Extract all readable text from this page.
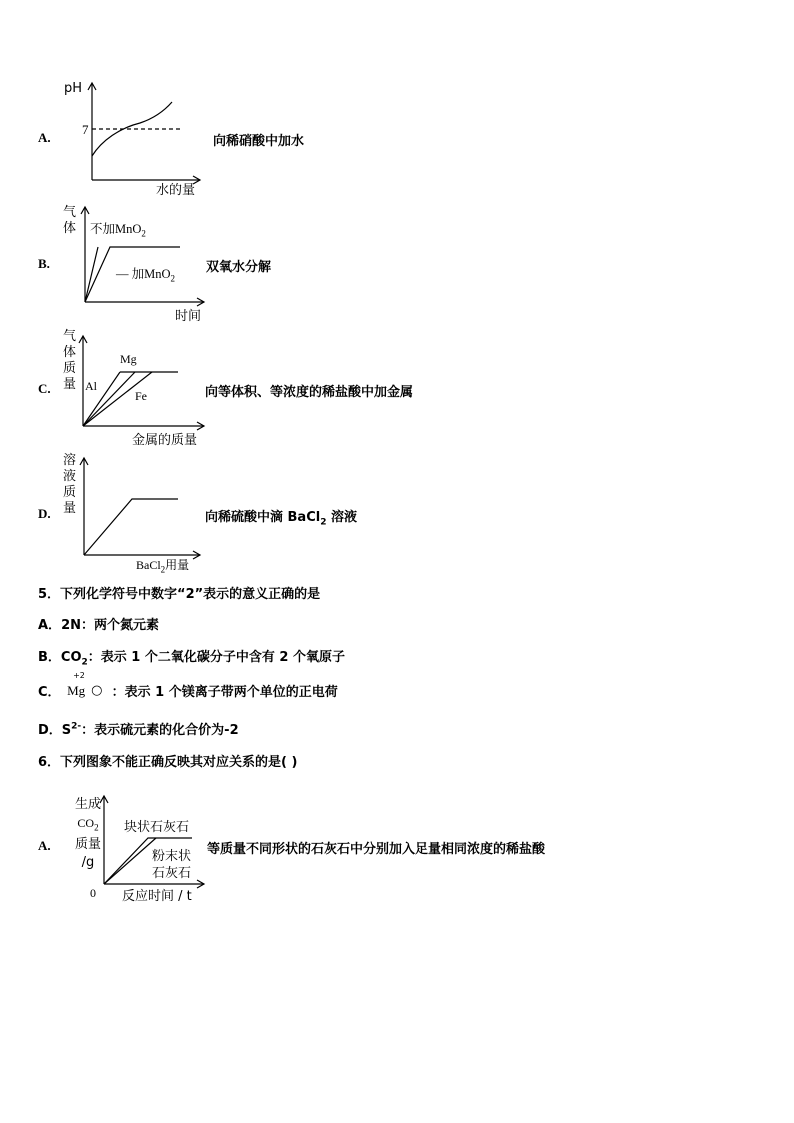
A.
pH
7
水的量
向稀硝酸中加水
B.
气
体 不加MnO$_2$
— 加MnO$_2$
时间
双氧水分解
C.
气
体
质
量 Al
Mg
Fe
金属的质量
向等体积、等浓度的稀盐酸中加金属
D.
溶
液
质
量
BaCl$_2$用量
向稀硫酸中滴 BaCl$_2$ 溶液
5．下列化学符号中数字“2”表示的意义正确的是
A．2N：两个氮元素
B．$CO_2$：表示 1 个二氧化碳分子中含有 2 个氧原子
C．
+2
Mg ○ ：表示 1 个镁离子带两个单位的正电荷
D．$S^{2-}$：表示硫元素的化合价为-2
6．下列图象不能正确反映其对应关系的是( )
A.
生成
$CO_2$
质量
/g
0
块状石灰石
粉末状
石灰石
反应时间 / t
等质量不同形状的石灰石中分别加入足量相同浓度的稀盐酸
